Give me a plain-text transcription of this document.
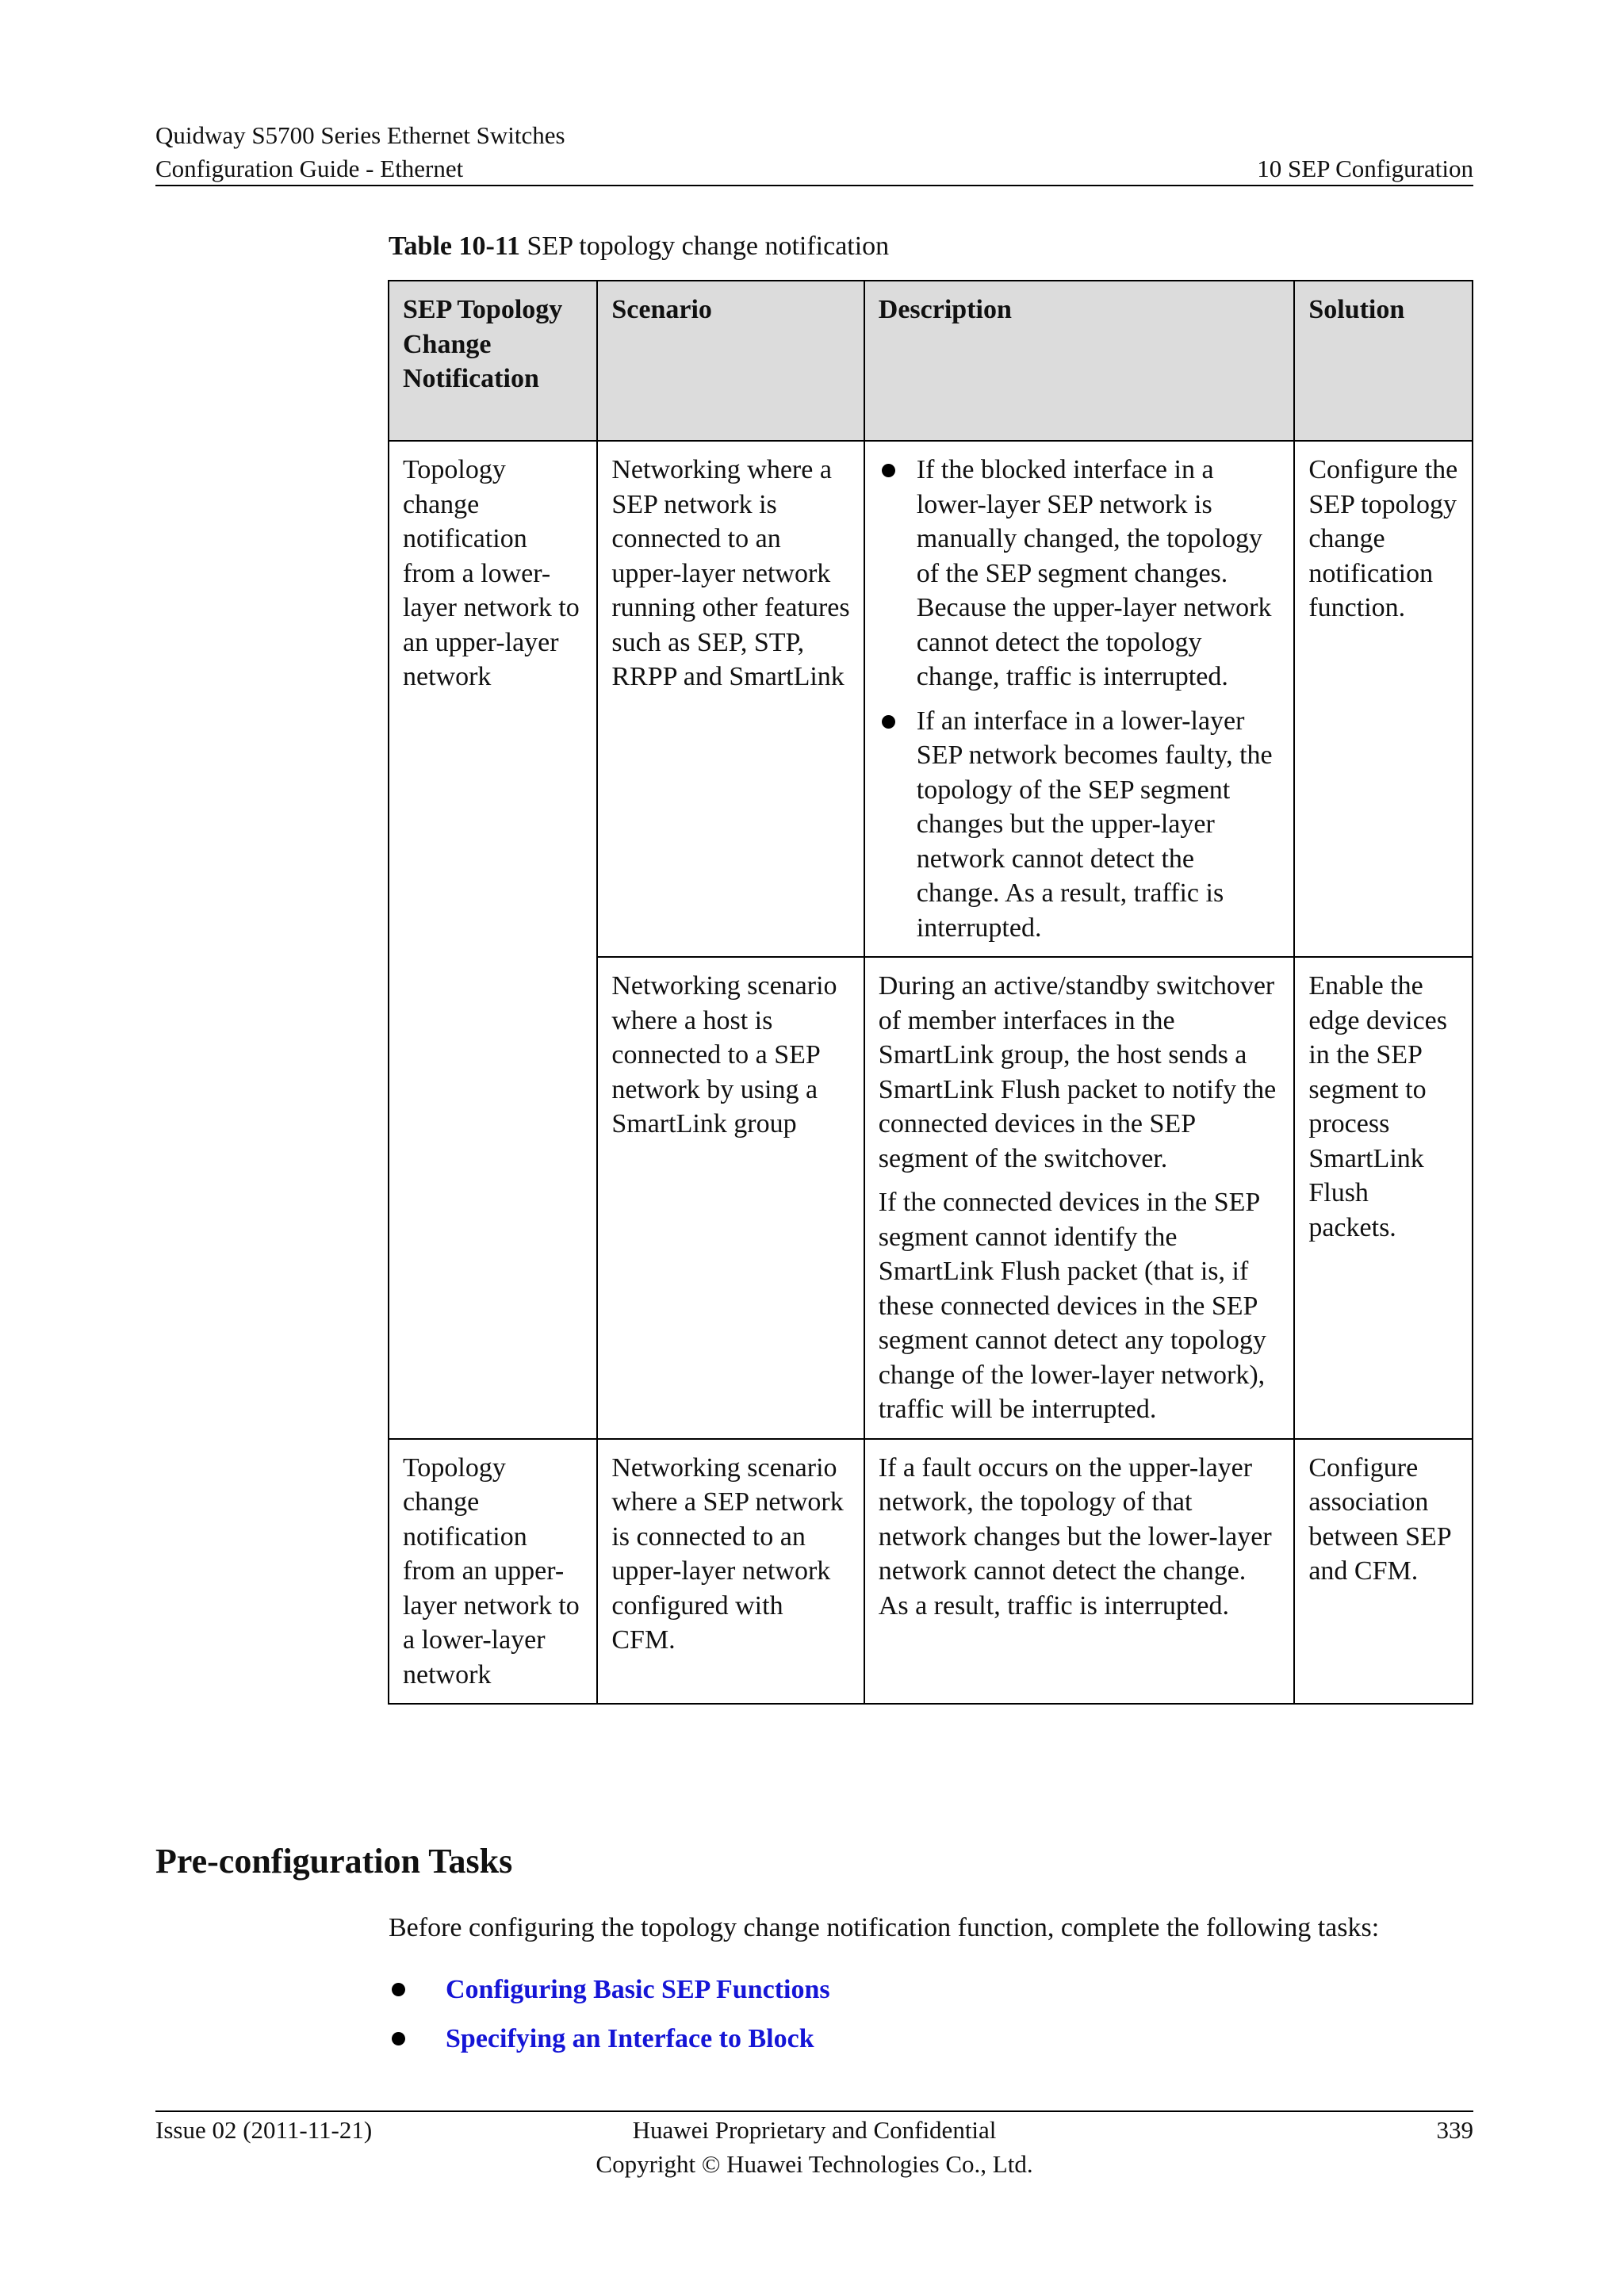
Quidway S5700 Series Ethernet Switches
Configuration Guide - Ethernet	10 SEP Configuration
Table 10-11 SEP topology change notification
SEP Topology Change Notification	Scenario	Description	Solution
Topology change notification from a lower-layer network to an upper-layer network	Networking where a SEP network is connected to an upper-layer network running other features such as SEP, STP, RRPP and SmartLink	If the blocked interface in a lower-layer SEP network is manually changed, the topology of the SEP segment changes. Because the upper-layer network cannot detect the topology change, traffic is interrupted.
If an interface in a lower-layer SEP network becomes faulty, the topology of the SEP segment changes but the upper-layer network cannot detect the change. As a result, traffic is interrupted.	Configure the SEP topology change notification function.
	Networking scenario where a host is connected to a SEP network by using a SmartLink group	During an active/standby switchover of member interfaces in the SmartLink group, the host sends a SmartLink Flush packet to notify the connected devices in the SEP segment of the switchover.

If the connected devices in the SEP segment cannot identify the SmartLink Flush packet (that is, if these connected devices in the SEP segment cannot detect any topology change of the lower-layer network), traffic will be interrupted.	Enable the edge devices in the SEP segment to process SmartLink Flush packets.
Topology change notification from an upper-layer network to a lower-layer network	Networking scenario where a SEP network is connected to an upper-layer network configured with CFM.	If a fault occurs on the upper-layer network, the topology of that network changes but the lower-layer network cannot detect the change. As a result, traffic is interrupted.	Configure association between SEP and CFM.
Pre-configuration Tasks
Before configuring the topology change notification function, complete the following tasks:
Configuring Basic SEP Functions
Specifying an Interface to Block
Issue 02 (2011-11-21)	Huawei Proprietary and Confidential
Copyright © Huawei Technologies Co., Ltd.
339
